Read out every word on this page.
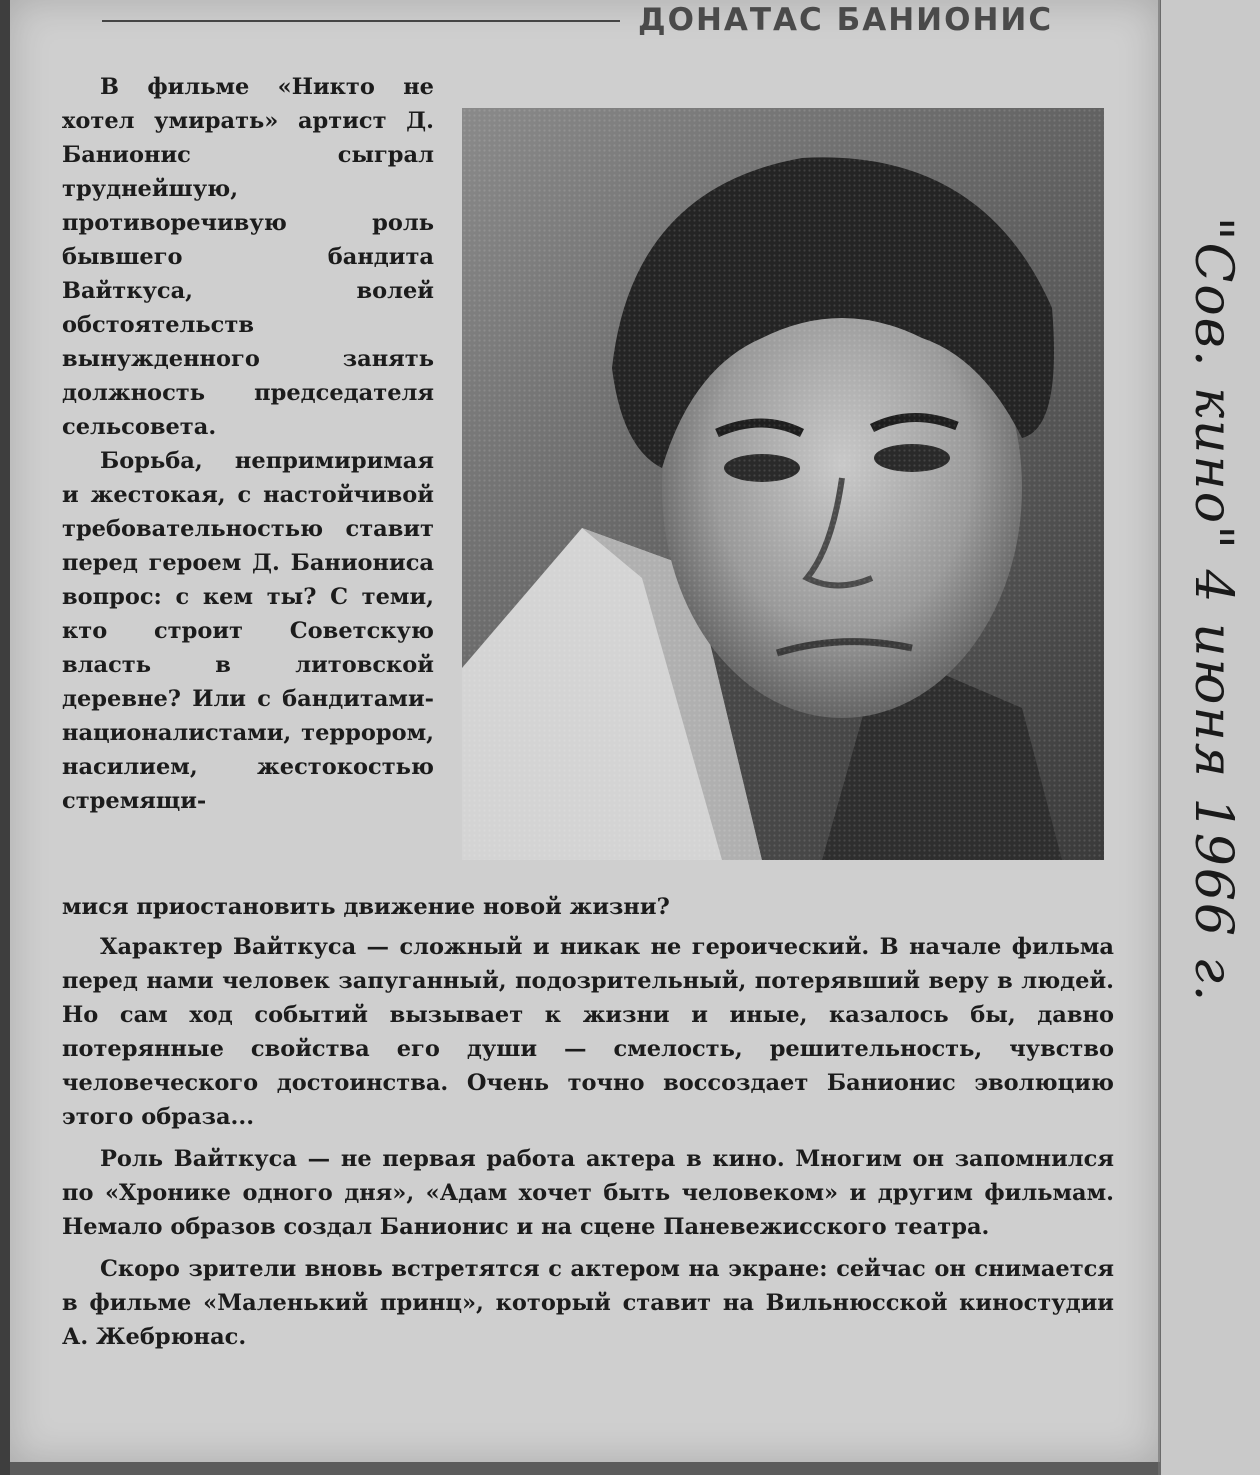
ДОНАТАС БАНИОНИС

В фильме «Никто не хотел умирать» артист Д. Банионис сыграл труднейшую, противоречивую роль бывшего бандита Вайткуса, волей обстоятельств вынужденного занять должность председателя сельсовета.

Борьба, непримиримая и жестокая, с настойчивой требовательностью ставит перед героем Д. Баниониса вопрос: с кем ты? С теми, кто строит Советскую власть в литовской деревне? Или с бандитами-националистами, террором, насилием, жестокостью стремящи-

мися приостановить движение новой жизни?

Характер Вайткуса — сложный и никак не героический. В начале фильма перед нами человек запуганный, подозрительный, потерявший веру в людей. Но сам ход событий вызывает к жизни и иные, казалось бы, давно потерянные свойства его души — смелость, решительность, чувство человеческого достоинства. Очень точно воссоздает Банионис эволюцию этого образа...

Роль Вайткуса — не первая работа актера в кино. Многим он запомнился по «Хронике одного дня», «Адам хочет быть человеком» и другим фильмам. Немало образов создал Банионис и на сцене Паневежисского театра.

Скоро зрители вновь встретятся с актером на экране: сейчас он снимается в фильме «Маленький принц», который ставит на Вильнюсской киностудии А. Жебрюнас.

"Сов. кино" 4 июня 1966 г.
